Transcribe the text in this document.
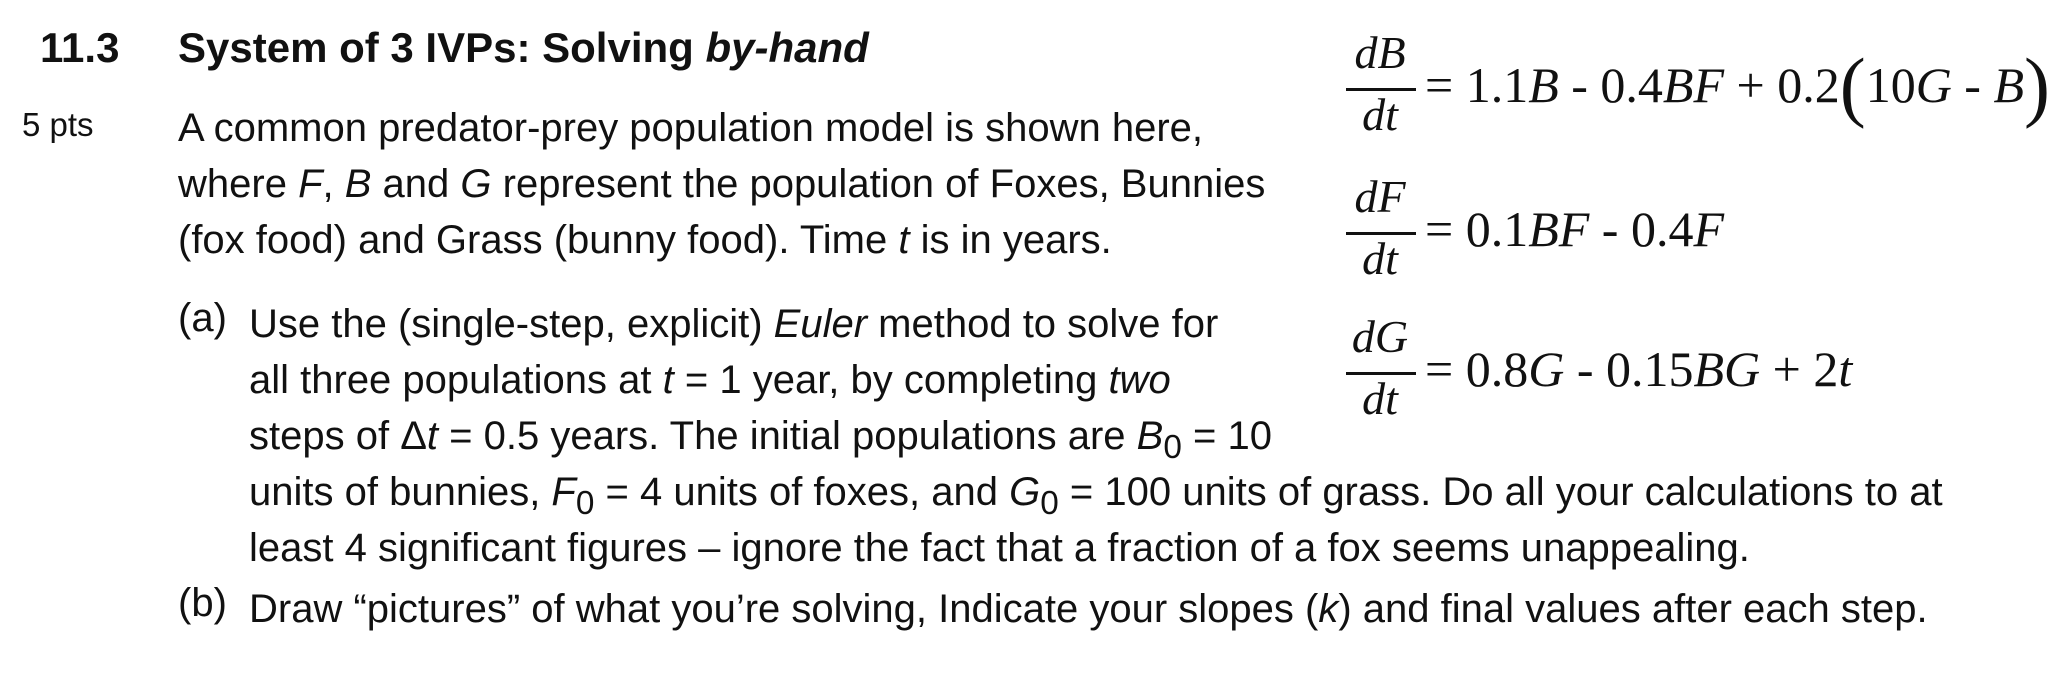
11.3 System of 3 IVPs: Solving by-hand
5 pts A common predator-prey population model is shown here,
where F, B and G represent the population of Foxes, Bunnies
(fox food) and Grass (bunny food). Time t is in years.
(a) Use the (single-step, explicit) Euler method to solve for
all three populations at t = 1 year, by completing two
steps of Δt = 0.5 years. The initial populations are $B_0 = 10$
units of bunnies, $F_0 = 4$ units of foxes, and $G_0 = 100$ units of grass. Do all your calculations to at
least 4 significant figures – ignore the fact that a fraction of a fox seems unappealing.
(b) Draw “pictures” of what you’re solving, Indicate your slopes (k) and final values after each step.
dB
dt
= 1.1B - 0.4BF + 0.2(10G - B)
dF
dt
= 0.1BF - 0.4F
dG
dt
= 0.8G - 0.15BG + 2t
